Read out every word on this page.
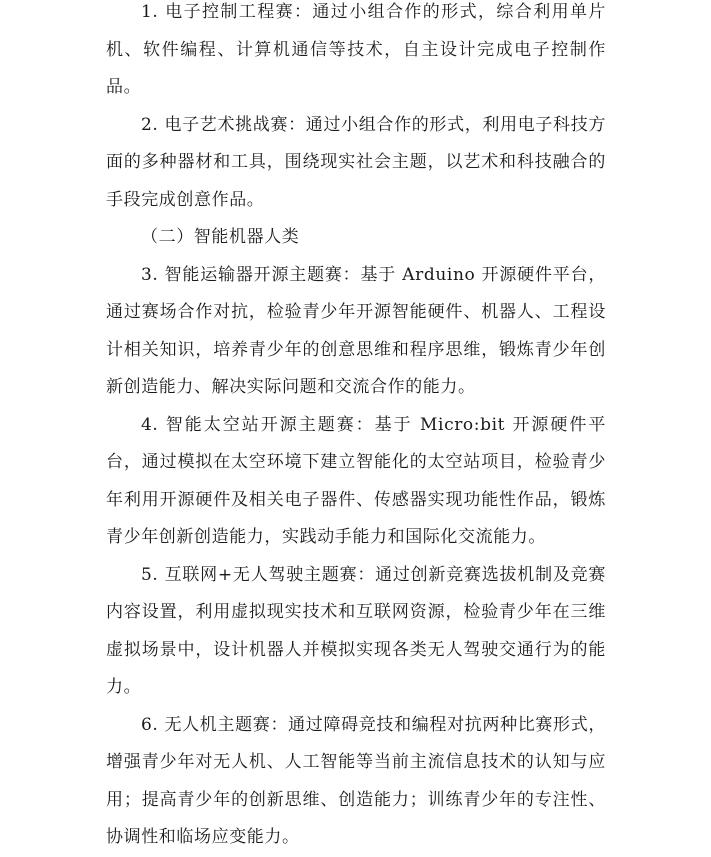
1. 电子控制工程赛：通过小组合作的形式，综合利用单片机、软件编程、计算机通信等技术，自主设计完成电子控制作品。

2. 电子艺术挑战赛：通过小组合作的形式，利用电子科技方面的多种器材和工具，围绕现实社会主题，以艺术和科技融合的手段完成创意作品。

（二）智能机器人类

3. 智能运输器开源主题赛：基于 Arduino 开源硬件平台，通过赛场合作对抗，检验青少年开源智能硬件、机器人、工程设计相关知识，培养青少年的创意思维和程序思维，锻炼青少年创新创造能力、解决实际问题和交流合作的能力。

4. 智能太空站开源主题赛：基于 Micro:bit 开源硬件平台，通过模拟在太空环境下建立智能化的太空站项目，检验青少年利用开源硬件及相关电子器件、传感器实现功能性作品，锻炼青少年创新创造能力，实践动手能力和国际化交流能力。

5. 互联网+无人驾驶主题赛：通过创新竞赛选拔机制及竞赛内容设置，利用虚拟现实技术和互联网资源，检验青少年在三维虚拟场景中，设计机器人并模拟实现各类无人驾驶交通行为的能力。

6. 无人机主题赛：通过障碍竞技和编程对抗两种比赛形式，增强青少年对无人机、人工智能等当前主流信息技术的认知与应用；提高青少年的创新思维、创造能力；训练青少年的专注性、协调性和临场应变能力。
